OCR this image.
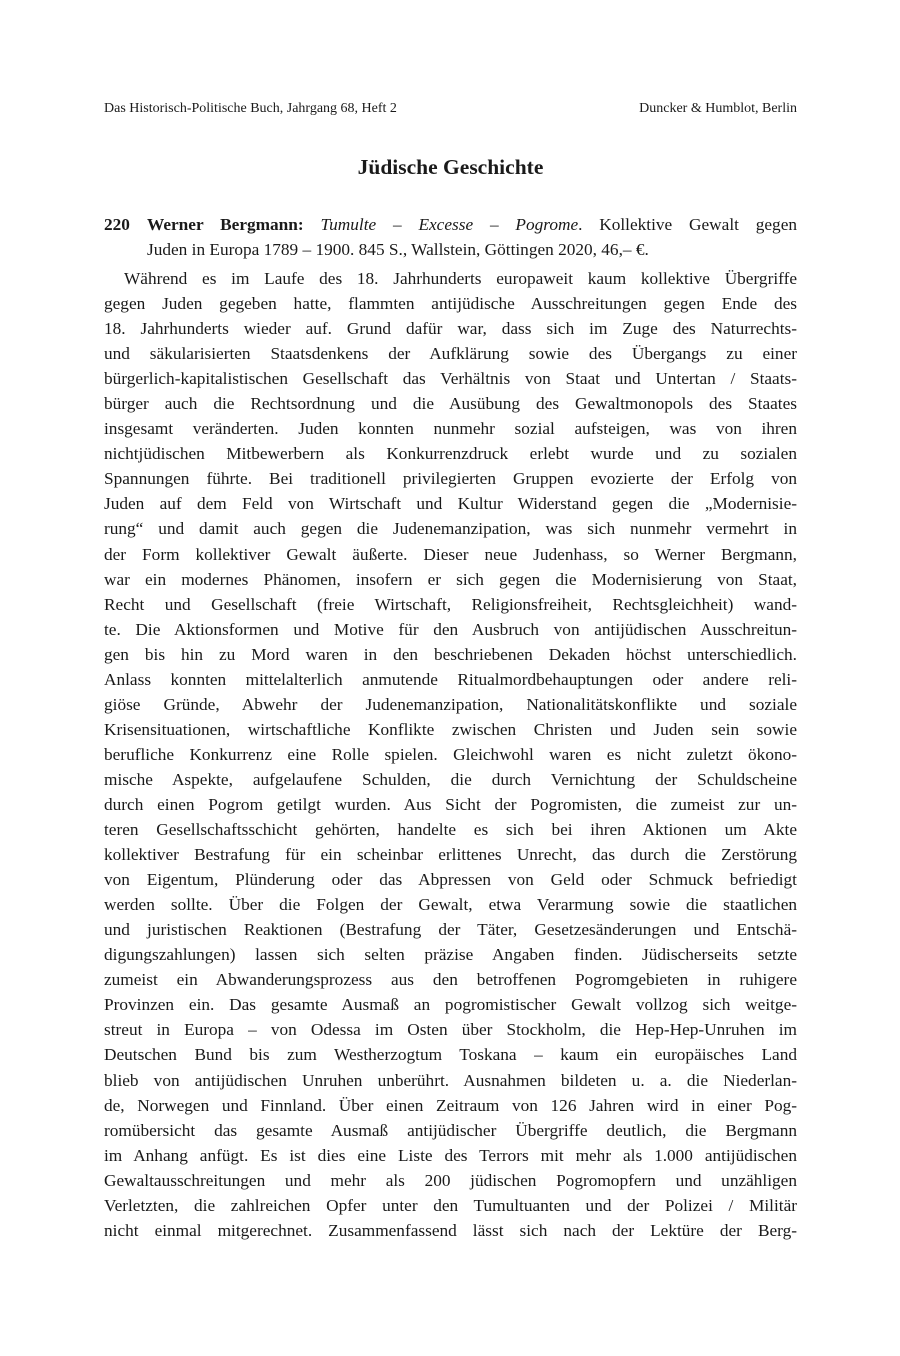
Das Historisch-Politische Buch, Jahrgang 68, Heft 2	Duncker & Humblot, Berlin
Jüdische Geschichte
220 Werner Bergmann: Tumulte – Excesse – Pogrome. Kollektive Gewalt gegen
Juden in Europa 1789 – 1900. 845 S., Wallstein, Göttingen 2020, 46,– €.
Während es im Laufe des 18. Jahrhunderts europaweit kaum kollektive Übergriffe
gegen Juden gegeben hatte, flammten antijüdische Ausschreitungen gegen Ende des
18. Jahrhunderts wieder auf. Grund dafür war, dass sich im Zuge des Naturrechts-
und säkularisierten Staatsdenkens der Aufklärung sowie des Übergangs zu einer
bürgerlich-kapitalistischen Gesellschaft das Verhältnis von Staat und Untertan / Staats-
bürger auch die Rechtsordnung und die Ausübung des Gewaltmonopols des Staates
insgesamt veränderten. Juden konnten nunmehr sozial aufsteigen, was von ihren
nichtjüdischen Mitbewerbern als Konkurrenzdruck erlebt wurde und zu sozialen
Spannungen führte. Bei traditionell privilegierten Gruppen evozierte der Erfolg von
Juden auf dem Feld von Wirtschaft und Kultur Widerstand gegen die „Modernisie-
rung“ und damit auch gegen die Judenemanzipation, was sich nunmehr vermehrt in
der Form kollektiver Gewalt äußerte. Dieser neue Judenhass, so Werner Bergmann,
war ein modernes Phänomen, insofern er sich gegen die Modernisierung von Staat,
Recht und Gesellschaft (freie Wirtschaft, Religionsfreiheit, Rechtsgleichheit) wand-
te. Die Aktionsformen und Motive für den Ausbruch von antijüdischen Ausschreitun-
gen bis hin zu Mord waren in den beschriebenen Dekaden höchst unterschiedlich.
Anlass konnten mittelalterlich anmutende Ritualmordbehauptungen oder andere reli-
giöse Gründe, Abwehr der Judenemanzipation, Nationalitätskonflikte und soziale
Krisensituationen, wirtschaftliche Konflikte zwischen Christen und Juden sein sowie
berufliche Konkurrenz eine Rolle spielen. Gleichwohl waren es nicht zuletzt ökono-
mische Aspekte, aufgelaufene Schulden, die durch Vernichtung der Schuldscheine
durch einen Pogrom getilgt wurden. Aus Sicht der Pogromisten, die zumeist zur un-
teren Gesellschaftsschicht gehörten, handelte es sich bei ihren Aktionen um Akte
kollektiver Bestrafung für ein scheinbar erlittenes Unrecht, das durch die Zerstörung
von Eigentum, Plünderung oder das Abpressen von Geld oder Schmuck befriedigt
werden sollte. Über die Folgen der Gewalt, etwa Verarmung sowie die staatlichen
und juristischen Reaktionen (Bestrafung der Täter, Gesetzesänderungen und Entschä-
digungszahlungen) lassen sich selten präzise Angaben finden. Jüdischerseits setzte
zumeist ein Abwanderungsprozess aus den betroffenen Pogromgebieten in ruhigere
Provinzen ein. Das gesamte Ausmaß an pogromistischer Gewalt vollzog sich weitge-
streut in Europa – von Odessa im Osten über Stockholm, die Hep-Hep-Unruhen im
Deutschen Bund bis zum Westherzogtum Toskana – kaum ein europäisches Land
blieb von antijüdischen Unruhen unberührt. Ausnahmen bildeten u. a. die Niederlan-
de, Norwegen und Finnland. Über einen Zeitraum von 126 Jahren wird in einer Pog-
romübersicht das gesamte Ausmaß antijüdischer Übergriffe deutlich, die Bergmann
im Anhang anfügt. Es ist dies eine Liste des Terrors mit mehr als 1.000 antijüdischen
Gewaltausschreitungen und mehr als 200 jüdischen Pogromopfern und unzähligen
Verletzten, die zahlreichen Opfer unter den Tumultuanten und der Polizei / Militär
nicht einmal mitgerechnet. Zusammenfassend lässt sich nach der Lektüre der Berg-
